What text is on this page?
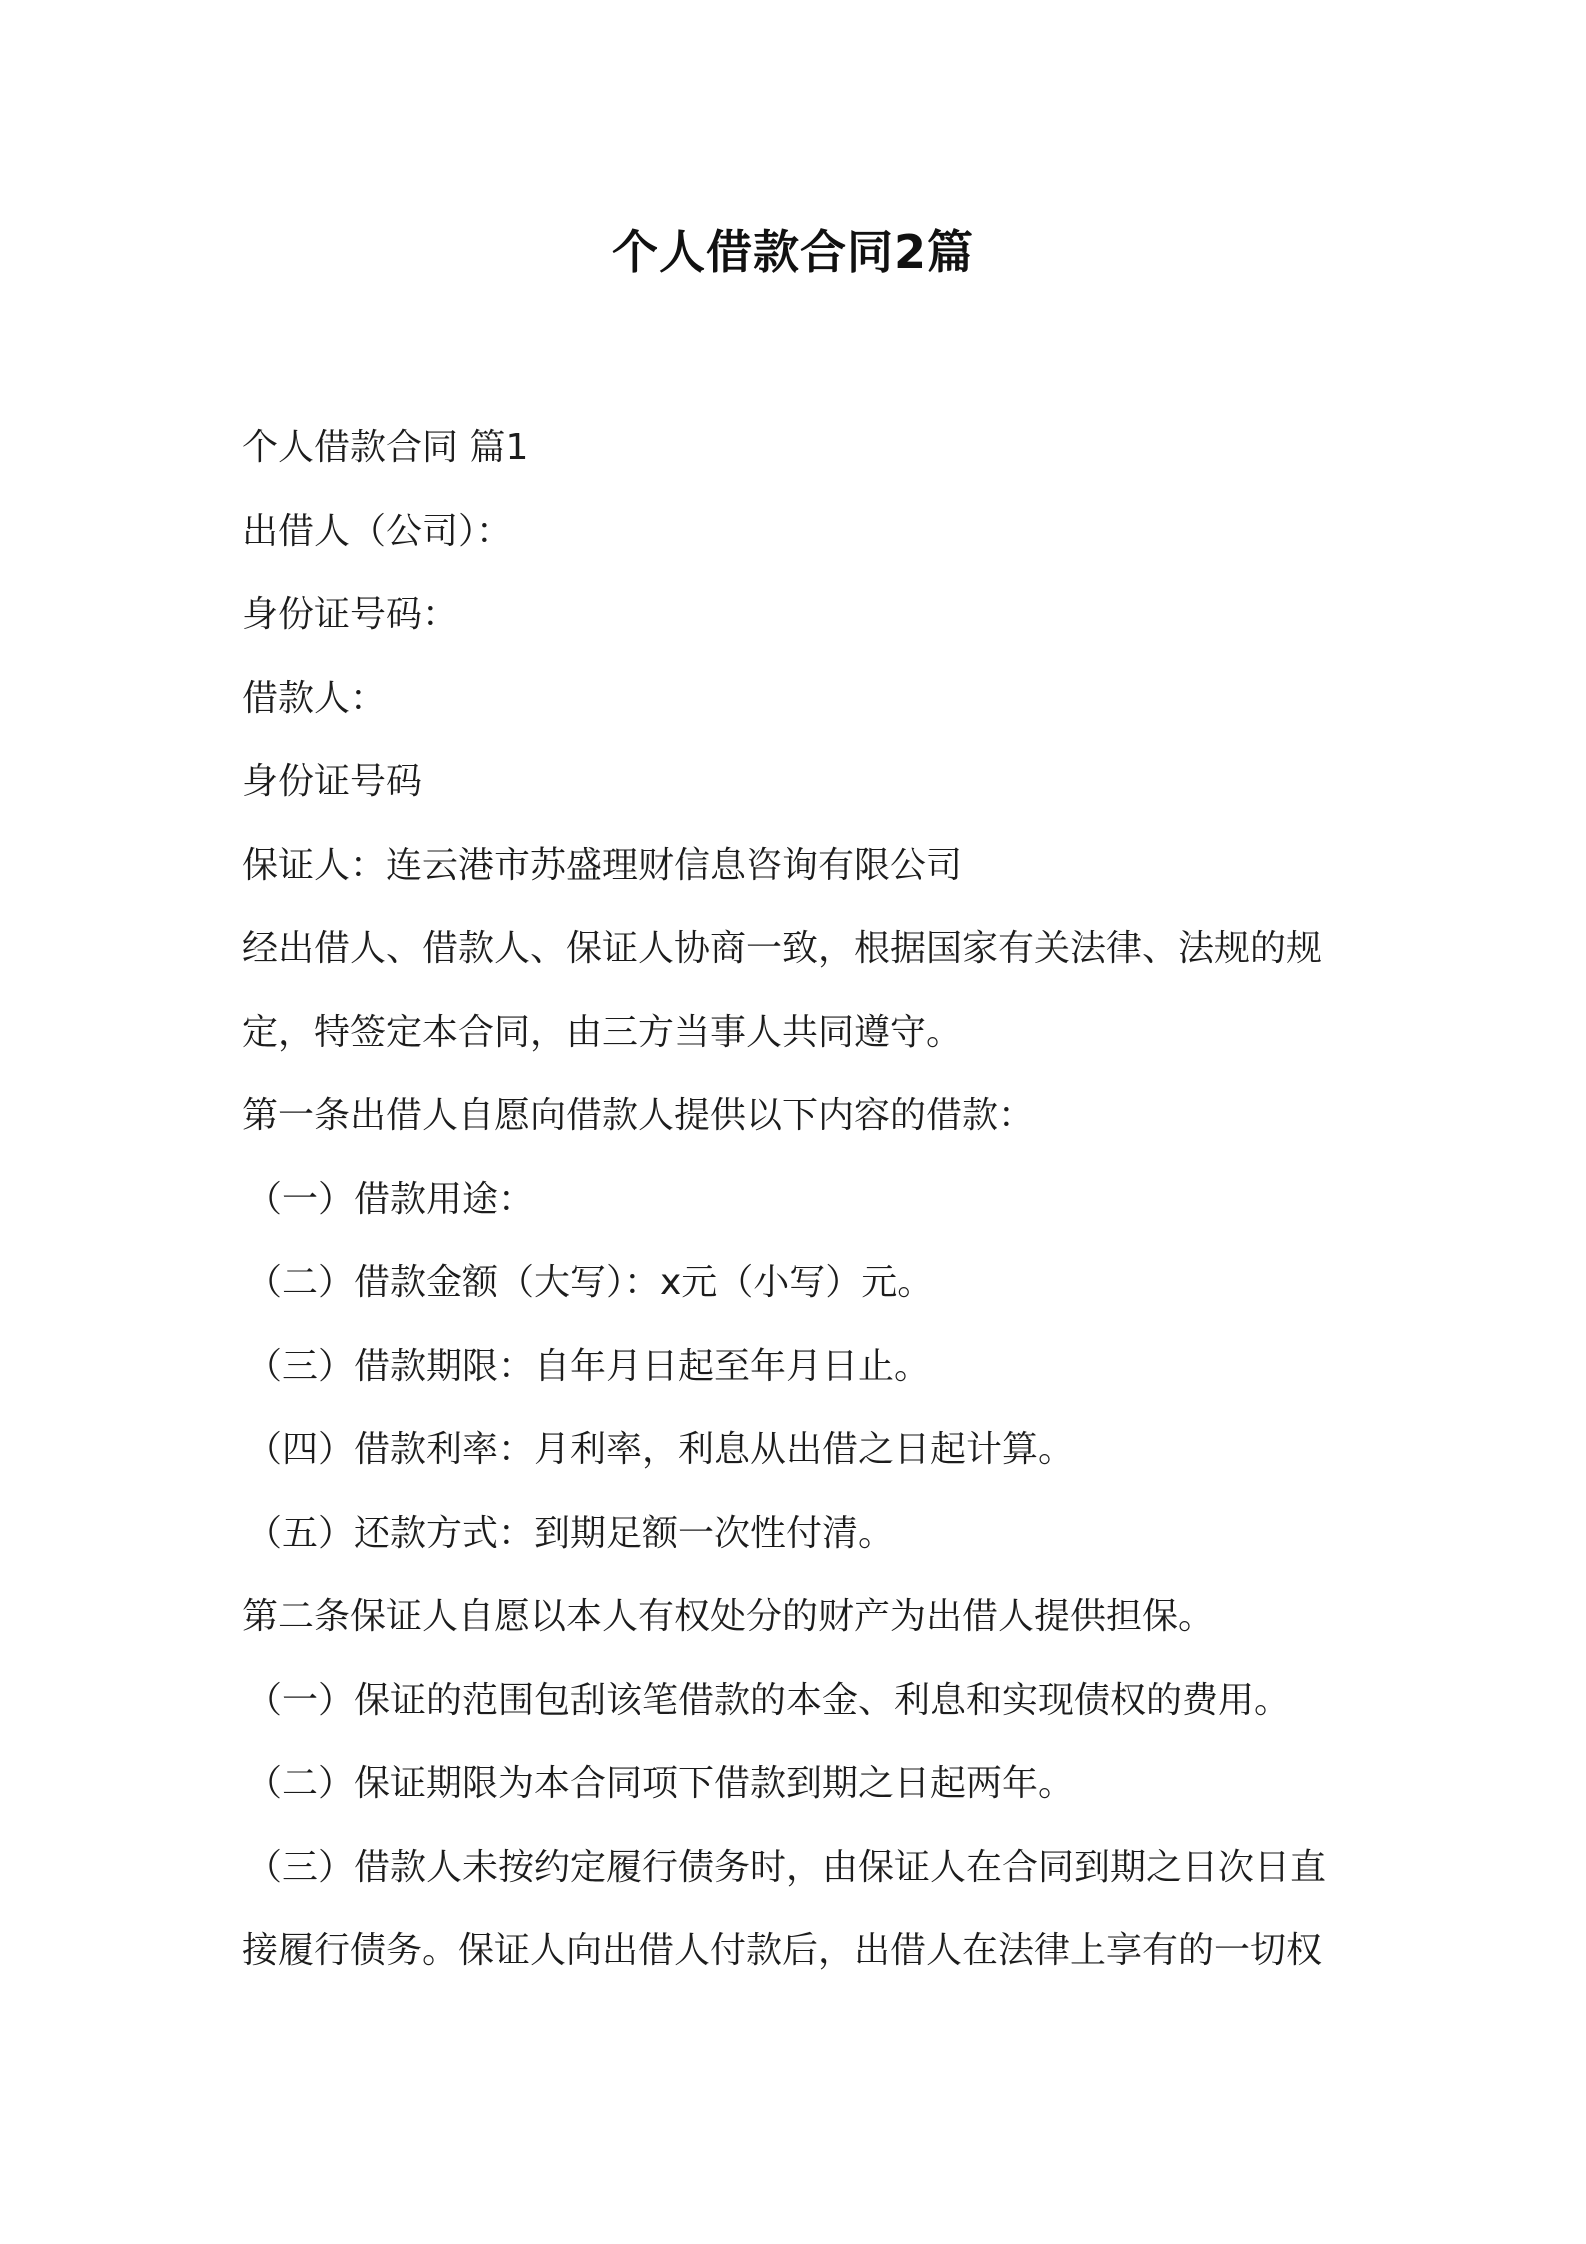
个人借款合同2篇
个人借款合同 篇1
出借人（公司）：
身份证号码：
借款人：
身份证号码
保证人：连云港市苏盛理财信息咨询有限公司
经出借人、借款人、保证人协商一致，根据国家有关法律、法规的规
定，特签定本合同，由三方当事人共同遵守。
第一条出借人自愿向借款人提供以下内容的借款：
（一）借款用途：
（二）借款金额（大写）：x元（小写）元。
（三）借款期限：自年月日起至年月日止。
（四）借款利率：月利率，利息从出借之日起计算。
（五）还款方式：到期足额一次性付清。
第二条保证人自愿以本人有权处分的财产为出借人提供担保。
（一）保证的范围包刮该笔借款的本金、利息和实现债权的费用。
（二）保证期限为本合同项下借款到期之日起两年。
（三）借款人未按约定履行债务时，由保证人在合同到期之日次日直
接履行债务。保证人向出借人付款后，出借人在法律上享有的一切权
